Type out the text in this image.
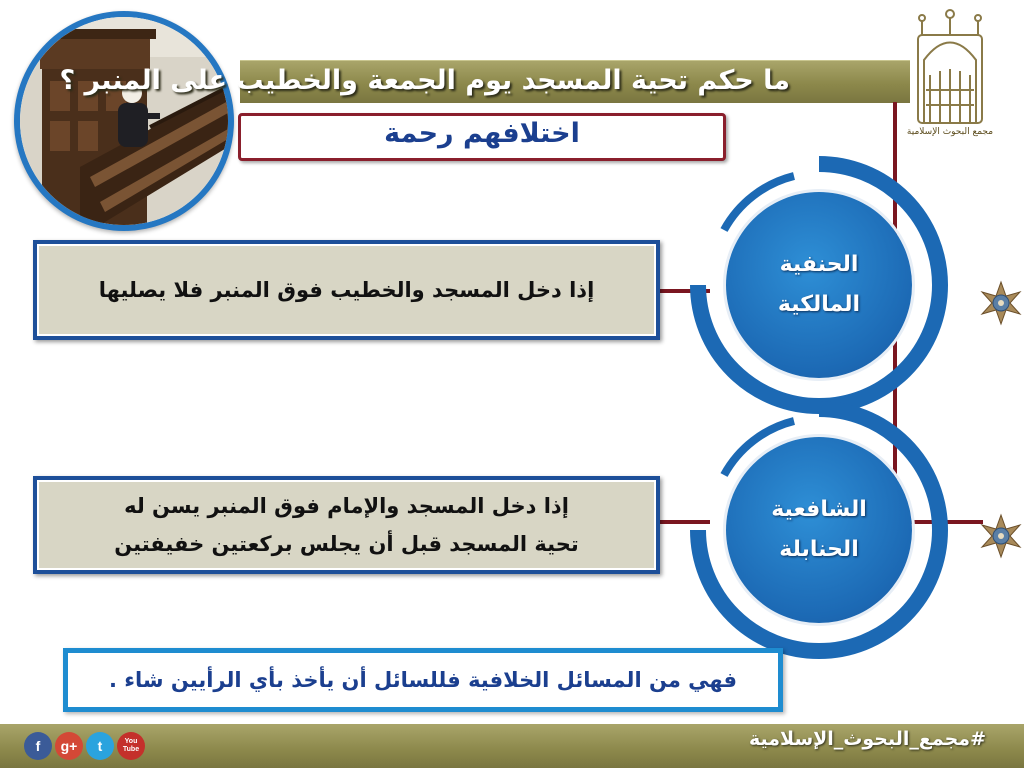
ما حكم تحية المسجد يوم الجمعة والخطيب على المنبر ؟
اختلافهم رحمة	مجمع البحوث الإسلامية
الحنفية
المالكية
الشافعية
الحنابلة
إذا دخل المسجد والخطيب فوق المنبر فلا يصليها
إذا دخل المسجد والإمام فوق المنبر يسن له
تحية المسجد قبل أن يجلس بركعتين خفيفتين
فهي من المسائل الخلافية فللسائل أن يأخذ بأي الرأيين شاء .
f g+ t	You Tube	#مجمع_البحوث_الإسلامية
